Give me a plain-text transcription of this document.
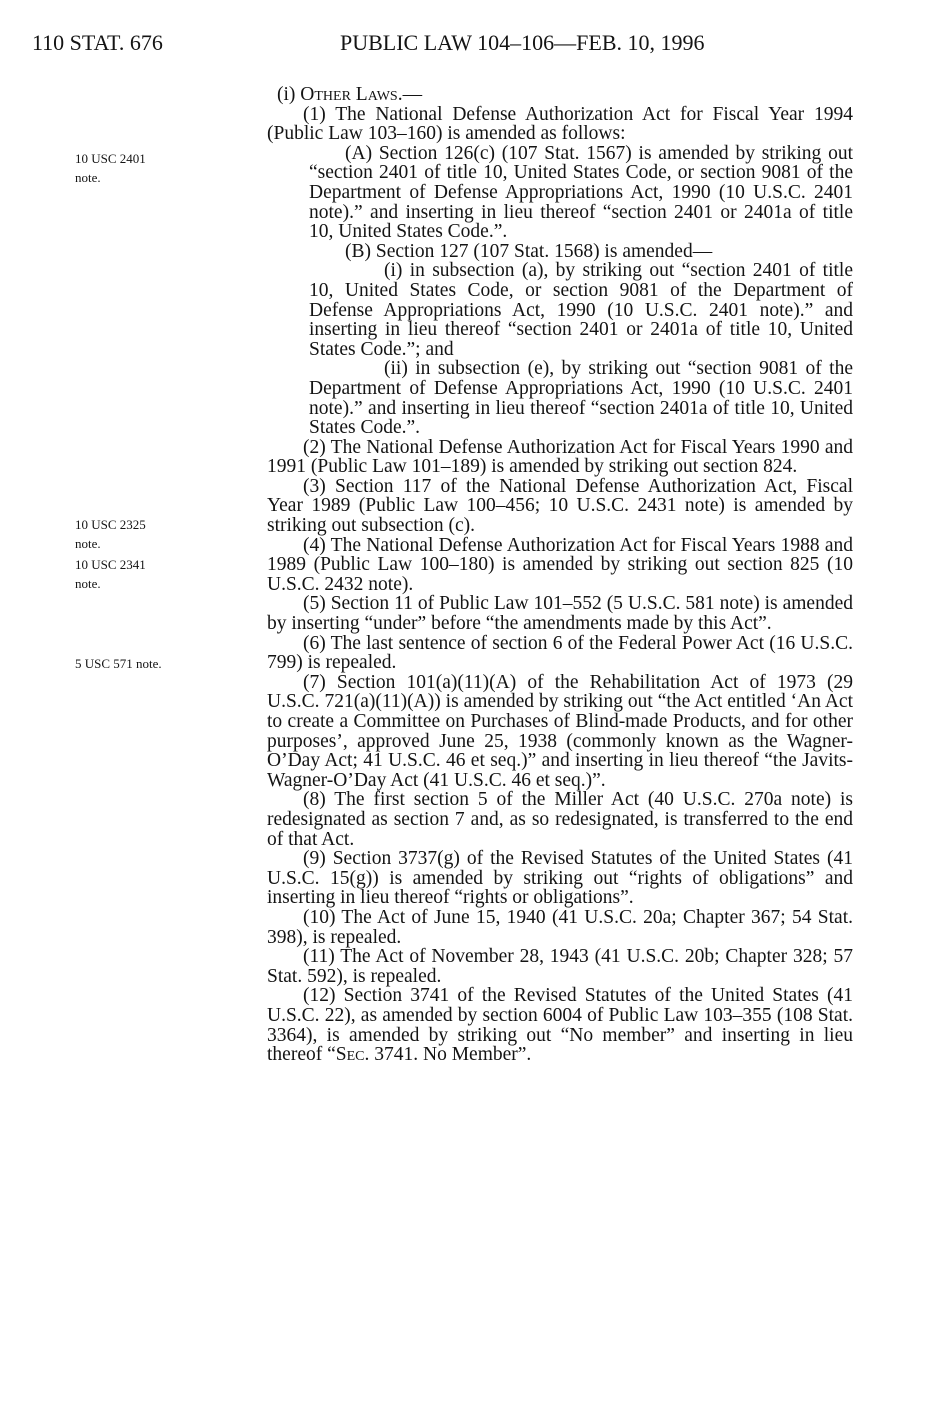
110 STAT. 676	PUBLIC LAW 104–106—FEB. 10, 1996
10 USC 2401
note.
10 USC 2325
note.
10 USC 2341
note.
5 USC 571 note.

(i) Other Laws.—

(1) The National Defense Authorization Act for Fiscal Year 1994 (Public Law 103–160) is amended as follows:

(A) Section 126(c) (107 Stat. 1567) is amended by striking out “section 2401 of title 10, United States Code, or section 9081 of the Department of Defense Appropriations Act, 1990 (10 U.S.C. 2401 note).” and inserting in lieu thereof “section 2401 or 2401a of title 10, United States Code.”.

(B) Section 127 (107 Stat. 1568) is amended—

(i) in subsection (a), by striking out “section 2401 of title 10, United States Code, or section 9081 of the Department of Defense Appropriations Act, 1990 (10 U.S.C. 2401 note).” and inserting in lieu thereof “section 2401 or 2401a of title 10, United States Code.”; and

(ii) in subsection (e), by striking out “section 9081 of the Department of Defense Appropriations Act, 1990 (10 U.S.C. 2401 note).” and inserting in lieu thereof “section 2401a of title 10, United States Code.”.

(2) The National Defense Authorization Act for Fiscal Years 1990 and 1991 (Public Law 101–189) is amended by striking out section 824.

(3) Section 117 of the National Defense Authorization Act, Fiscal Year 1989 (Public Law 100–456; 10 U.S.C. 2431 note) is amended by striking out subsection (c).

(4) The National Defense Authorization Act for Fiscal Years 1988 and 1989 (Public Law 100–180) is amended by striking out section 825 (10 U.S.C. 2432 note).

(5) Section 11 of Public Law 101–552 (5 U.S.C. 581 note) is amended by inserting “under” before “the amendments made by this Act”.

(6) The last sentence of section 6 of the Federal Power Act (16 U.S.C. 799) is repealed.

(7) Section 101(a)(11)(A) of the Rehabilitation Act of 1973 (29 U.S.C. 721(a)(11)(A)) is amended by striking out “the Act entitled ‘An Act to create a Committee on Purchases of Blind-made Products, and for other purposes’, approved June 25, 1938 (commonly known as the Wagner-O’Day Act; 41 U.S.C. 46 et seq.)” and inserting in lieu thereof “the Javits-Wagner-O’Day Act (41 U.S.C. 46 et seq.)”.

(8) The first section 5 of the Miller Act (40 U.S.C. 270a note) is redesignated as section 7 and, as so redesignated, is transferred to the end of that Act.

(9) Section 3737(g) of the Revised Statutes of the United States (41 U.S.C. 15(g)) is amended by striking out “rights of obligations” and inserting in lieu thereof “rights or obligations”.

(10) The Act of June 15, 1940 (41 U.S.C. 20a; Chapter 367; 54 Stat. 398), is repealed.

(11) The Act of November 28, 1943 (41 U.S.C. 20b; Chapter 328; 57 Stat. 592), is repealed.

(12) Section 3741 of the Revised Statutes of the United States (41 U.S.C. 22), as amended by section 6004 of Public Law 103–355 (108 Stat. 3364), is amended by striking out “No member” and inserting in lieu thereof “Sec. 3741. No Member”.
